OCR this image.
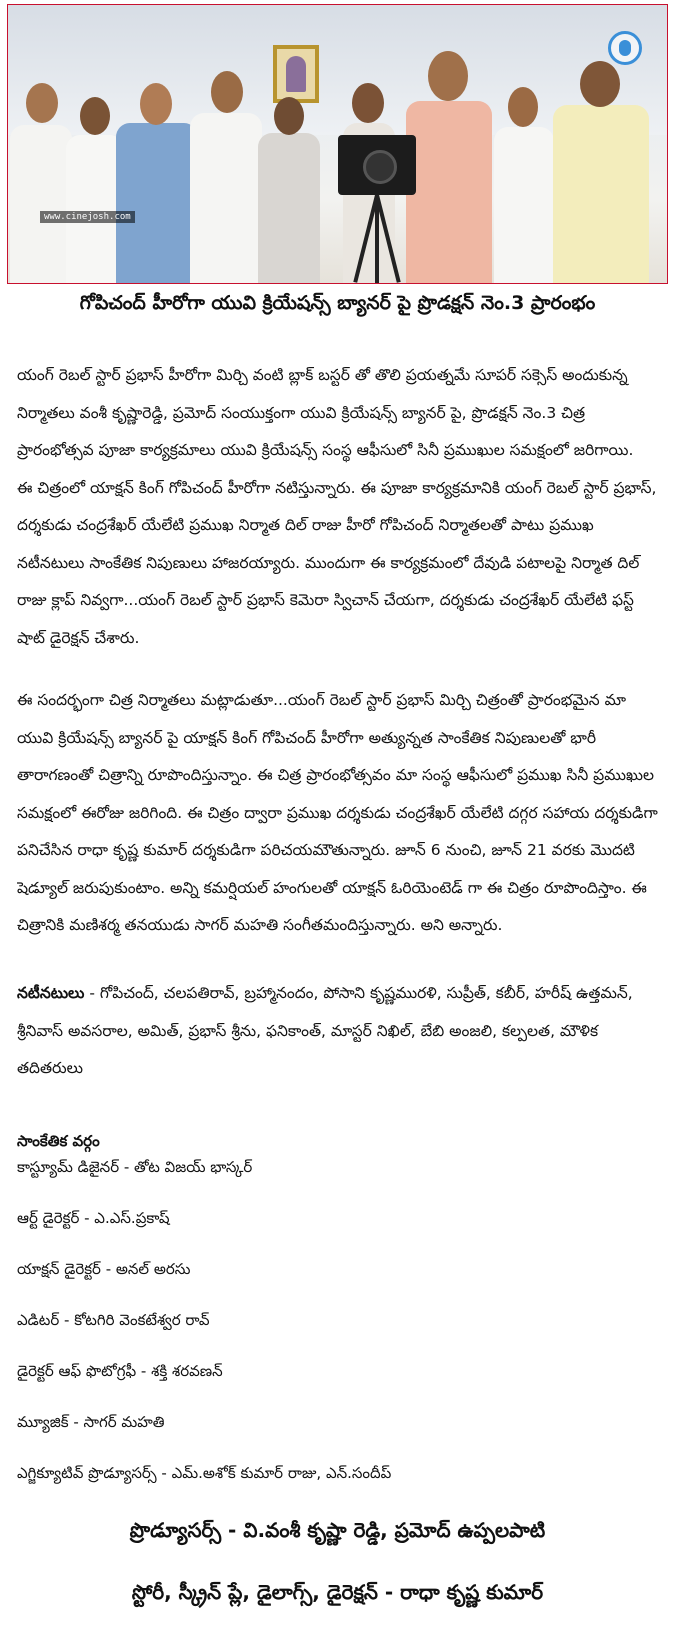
www.cinejosh.com
గోపిచంద్ హీరోగా యువి క్రియేషన్స్ బ్యానర్ పై ప్రొడక్షన్ నెం.3 ప్రారంభం
యంగ్ రెబల్ స్టార్ ప్రభాస్ హీరోగా మిర్చి వంటి బ్లాక్ బస్టర్ తో తొలి ప్రయత్నమే సూపర్ సక్సెస్ అందుకున్న
నిర్మాతలు వంశీ కృష్ణారెడ్డి, ప్రమోద్ సంయుక్తంగా యువి క్రియేషన్స్ బ్యానర్ పై, ప్రొడక్షన్ నెం.3 చిత్ర
ప్రారంభోత్సవ పూజా కార్యక్రమాలు యువి క్రియేషన్స్ సంస్థ ఆఫీసులో సినీ ప్రముఖుల సమక్షంలో జరిగాయి.
ఈ చిత్రంలో యాక్షన్ కింగ్ గోపిచంద్ హీరోగా నటిస్తున్నారు. ఈ పూజా కార్యక్రమానికి యంగ్ రెబల్ స్టార్ ప్రభాస్,
దర్శకుడు చంద్రశేఖర్ యేలేటి ప్రముఖ నిర్మాత దిల్ రాజు హీరో గోపిచంద్ నిర్మాతలతో పాటు ప్రముఖ
నటీనటులు సాంకేతిక నిపుణులు హాజరయ్యారు. ముందుగా ఈ కార్యక్రమంలో దేవుడి పటాలపై నిర్మాత దిల్
రాజు క్లాప్ నివ్వగా...యంగ్ రెబల్ స్టార్ ప్రభాస్ కెమెరా స్విచాన్ చేయగా, దర్శకుడు చంద్రశేఖర్ యేలేటి ఫస్ట్
షాట్ డైరెక్షన్ చేశారు.
ఈ సందర్భంగా చిత్ర నిర్మాతలు మట్లాడుతూ...యంగ్ రెబల్ స్టార్ ప్రభాస్ మిర్చి చిత్రంతో ప్రారంభమైన మా
యువి క్రియేషన్స్ బ్యానర్ పై యాక్షన్ కింగ్ గోపిచంద్ హీరోగా అత్యున్నత సాంకేతిక నిపుణులతో భారీ
తారాగణంతో చిత్రాన్ని రూపొందిస్తున్నాం. ఈ చిత్ర ప్రారంభోత్సవం మా సంస్థ ఆఫీసులో ప్రముఖ సినీ ప్రముఖుల
సమక్షంలో ఈరోజు జరిగింది. ఈ చిత్రం ద్వారా ప్రముఖ దర్శకుడు చంద్రశేఖర్ యేలేటి దగ్గర సహాయ దర్శకుడిగా
పనిచేసిన రాధా కృష్ణ కుమార్ దర్శకుడిగా పరిచయమౌతున్నారు. జూన్ 6 నుంచి, జూన్ 21 వరకు మొదటి
షెడ్యూల్ జరుపుకుంటాం. అన్ని కమర్షియల్ హంగులతో యాక్షన్ ఓరియెంటెడ్ గా ఈ చిత్రం రూపొందిస్తాం. ఈ
చిత్రానికి మణిశర్మ తనయుడు సాగర్ మహతి సంగీతమందిస్తున్నారు. అని అన్నారు.
నటీనటులు - గోపిచంద్, చలపతిరావ్, బ్రహ్మానందం, పోసాని కృష్ణమురళి, సుప్రీత్, కబీర్, హరీష్ ఉత్తమన్,
శ్రీనివాస్ అవసరాల, అమిత్, ప్రభాస్ శ్రీను, ఫనికాంత్, మాస్టర్ నిఖిల్, బేబి అంజలి, కల్పలత, మౌళిక
తదితరులు
సాంకేతిక వర్గం
కాస్ట్యూమ్ డిజైనర్ - తోట విజయ్ భాస్కర్
ఆర్ట్ డైరెక్టర్ - ఎ.ఎస్.ప్రకాష్
యాక్షన్ డైరెక్టర్ - అనల్ అరసు
ఎడిటర్ - కోటగిరి వెంకటేశ్వర రావ్
డైరెక్టర్ ఆఫ్ ఫొటోగ్రఫీ - శక్తి శరవణన్
మ్యూజిక్ - సాగర్ మహతి
ఎగ్జిక్యూటివ్ ప్రొడ్యూసర్స్ - ఎమ్.అశోక్ కుమార్ రాజు, ఎన్.సందీప్
ప్రొడ్యూసర్స్ - వి.వంశీ కృష్ణా రెడ్డి, ప్రమోద్ ఉప్పలపాటి
స్టోరీ, స్క్రీన్ ప్లే, డైలాగ్స్, డైరెక్షన్ - రాధా కృష్ణ కుమార్
